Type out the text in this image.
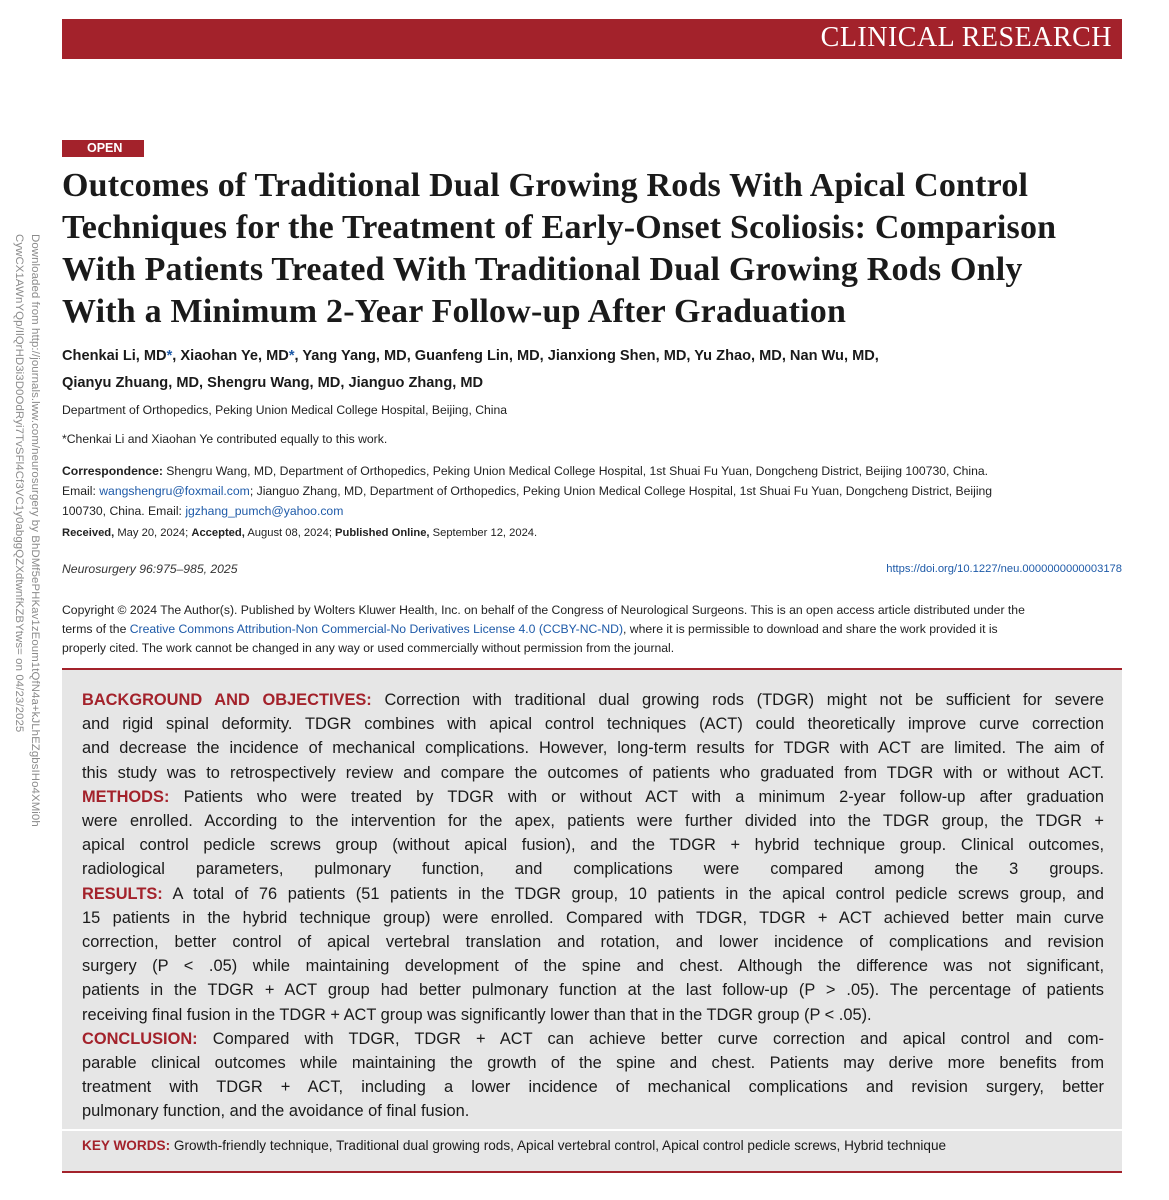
CLINICAL RESEARCH
Downloaded from http://journals.lww.com/neurosurgery by BhDMf5ePHKav1zEoum1tQfN4a+kJLhEZgbsIHo4XMi0h
CywCX1AWnYQp/IlQrHD3i3D0OdRyi7TvSFl4Cf3VC1y0abggQZXdtwnfKZBYtws= on 04/23/2025
OPEN
Outcomes of Traditional Dual Growing Rods With Apical Control
Techniques for the Treatment of Early-Onset Scoliosis: Comparison
With Patients Treated With Traditional Dual Growing Rods Only
With a Minimum 2-Year Follow-up After Graduation
Chenkai Li, MD*, Xiaohan Ye, MD*, Yang Yang, MD, Guanfeng Lin, MD, Jianxiong Shen, MD, Yu Zhao, MD, Nan Wu, MD,
Qianyu Zhuang, MD, Shengru Wang, MD, Jianguo Zhang, MD
Department of Orthopedics, Peking Union Medical College Hospital, Beijing, China
*Chenkai Li and Xiaohan Ye contributed equally to this work.
Correspondence: Shengru Wang, MD, Department of Orthopedics, Peking Union Medical College Hospital, 1st Shuai Fu Yuan, Dongcheng District, Beijing 100730, China.
Email: wangshengru@foxmail.com; Jianguo Zhang, MD, Department of Orthopedics, Peking Union Medical College Hospital, 1st Shuai Fu Yuan, Dongcheng District, Beijing
100730, China. Email: jgzhang_pumch@yahoo.com
Received, May 20, 2024; Accepted, August 08, 2024; Published Online, September 12, 2024.
Neurosurgery 96:975–985, 2025	https://doi.org/10.1227/neu.0000000000003178
Copyright © 2024 The Author(s). Published by Wolters Kluwer Health, Inc. on behalf of the Congress of Neurological Surgeons. This is an open access article distributed under the
terms of the Creative Commons Attribution-Non Commercial-No Derivatives License 4.0 (CCBY-NC-ND), where it is permissible to download and share the work provided it is
properly cited. The work cannot be changed in any way or used commercially without permission from the journal.
BACKGROUND AND OBJECTIVES: Correction with traditional dual growing rods (TDGR) might not be sufficient for severe
and rigid spinal deformity. TDGR combines with apical control techniques (ACT) could theoretically improve curve correction
and decrease the incidence of mechanical complications. However, long-term results for TDGR with ACT are limited. The aim of
this study was to retrospectively review and compare the outcomes of patients who graduated from TDGR with or without ACT.
METHODS: Patients who were treated by TDGR with or without ACT with a minimum 2-year follow-up after graduation
were enrolled. According to the intervention for the apex, patients were further divided into the TDGR group, the TDGR +
apical control pedicle screws group (without apical fusion), and the TDGR + hybrid technique group. Clinical outcomes,
radiological parameters, pulmonary function, and complications were compared among the 3 groups.
RESULTS: A total of 76 patients (51 patients in the TDGR group, 10 patients in the apical control pedicle screws group, and
15 patients in the hybrid technique group) were enrolled. Compared with TDGR, TDGR + ACT achieved better main curve
correction, better control of apical vertebral translation and rotation, and lower incidence of complications and revision
surgery (P < .05) while maintaining development of the spine and chest. Although the difference was not significant,
patients in the TDGR + ACT group had better pulmonary function at the last follow-up (P > .05). The percentage of patients
receiving final fusion in the TDGR + ACT group was significantly lower than that in the TDGR group (P < .05).
CONCLUSION: Compared with TDGR, TDGR + ACT can achieve better curve correction and apical control and com-
parable clinical outcomes while maintaining the growth of the spine and chest. Patients may derive more benefits from
treatment with TDGR + ACT, including a lower incidence of mechanical complications and revision surgery, better
pulmonary function, and the avoidance of final fusion.
KEY WORDS: Growth-friendly technique, Traditional dual growing rods, Apical vertebral control, Apical control pedicle screws, Hybrid technique
